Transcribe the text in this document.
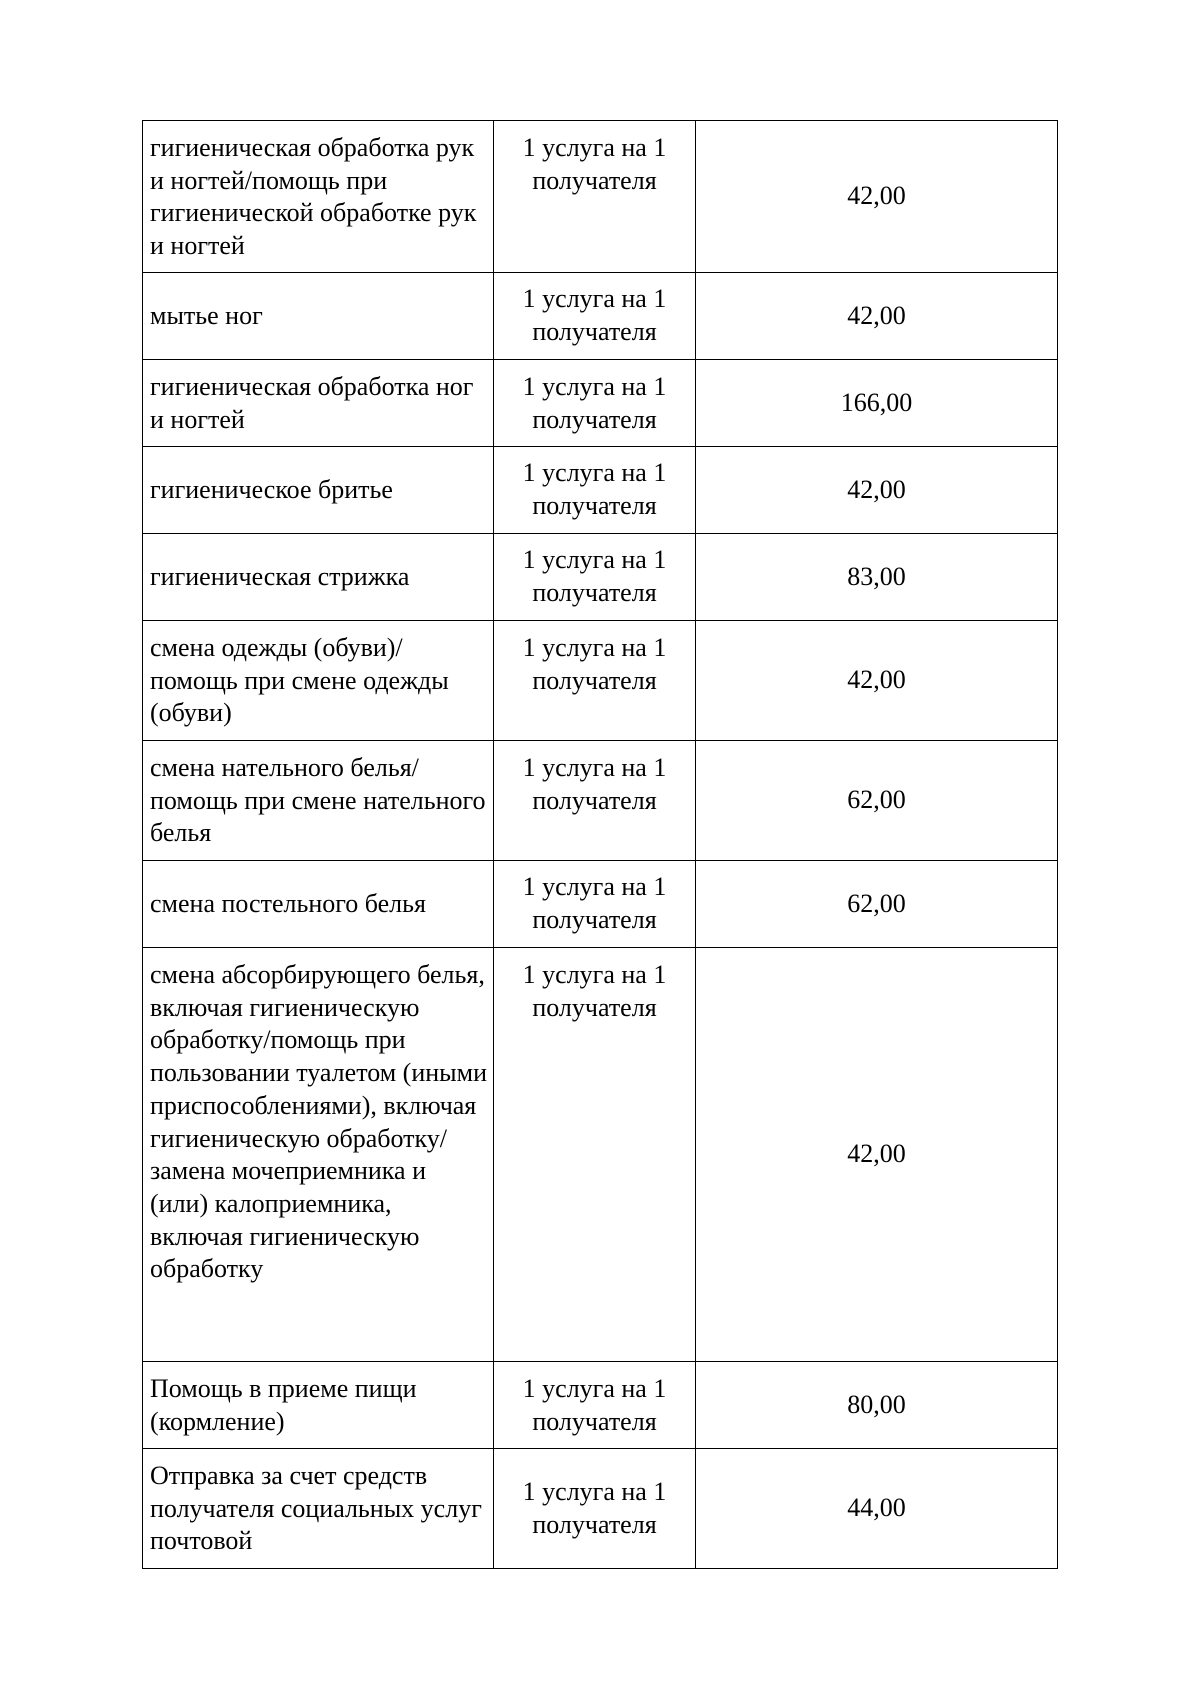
гигиеническая обработка рук и ногтей/помощь при гигиенической обработке рук и ногтей	1 услуга на 1 получателя	42,00
мытье ног	1 услуга на 1 получателя	42,00
гигиеническая обработка ног и ногтей	1 услуга на 1 получателя	166,00
гигиеническое бритье	1 услуга на 1 получателя	42,00
гигиеническая стрижка	1 услуга на 1 получателя	83,00
смена одежды (обуви)/помощь при смене одежды (обуви)	1 услуга на 1 получателя	42,00
смена нательного белья/помощь при смене нательного белья	1 услуга на 1 получателя	62,00
смена постельного белья	1 услуга на 1 получателя	62,00
смена абсорбирующего белья, включая гигиеническую обработку/помощь при пользовании туалетом (иными приспособлениями), включая гигиеническую обработку/замена мочеприемника и (или) калоприемника, включая гигиеническую обработку	1 услуга на 1 получателя	42,00
Помощь в приеме пищи (кормление)	1 услуга на 1 получателя	80,00
Отправка за счет средств получателя социальных услуг почтовой	1 услуга на 1 получателя	44,00
